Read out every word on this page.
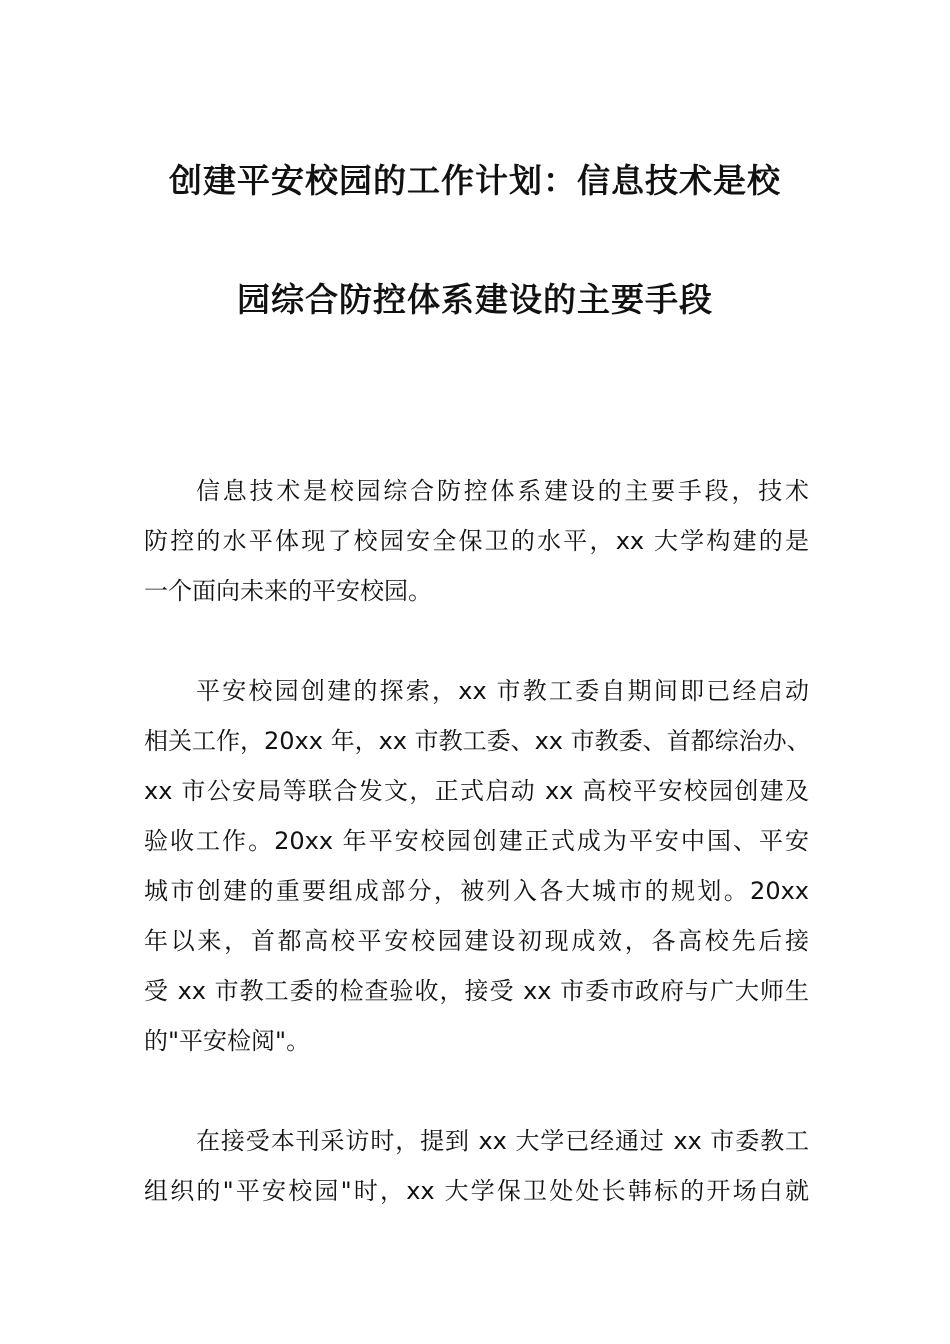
创建平安校园的工作计划：信息技术是校
园综合防控体系建设的主要手段

信息技术是校园综合防控体系建设的主要手段，技术
防控的水平体现了校园安全保卫的水平，xx 大学构建的是
一个面向未来的平安校园。

平安校园创建的探索，xx 市教工委自期间即已经启动
相关工作，20xx 年，xx 市教工委、xx 市教委、首都综治办、
xx 市公安局等联合发文，正式启动 xx 高校平安校园创建及
验收工作。20xx 年平安校园创建正式成为平安中国、平安
城市创建的重要组成部分，被列入各大城市的规划。20xx
年以来，首都高校平安校园建设初现成效，各高校先后接
受 xx 市教工委的检查验收，接受 xx 市委市政府与广大师生
的"平安检阅"。

在接受本刊采访时，提到 xx 大学已经通过 xx 市委教工
组织的"平安校园"时，xx 大学保卫处处长韩标的开场白就
